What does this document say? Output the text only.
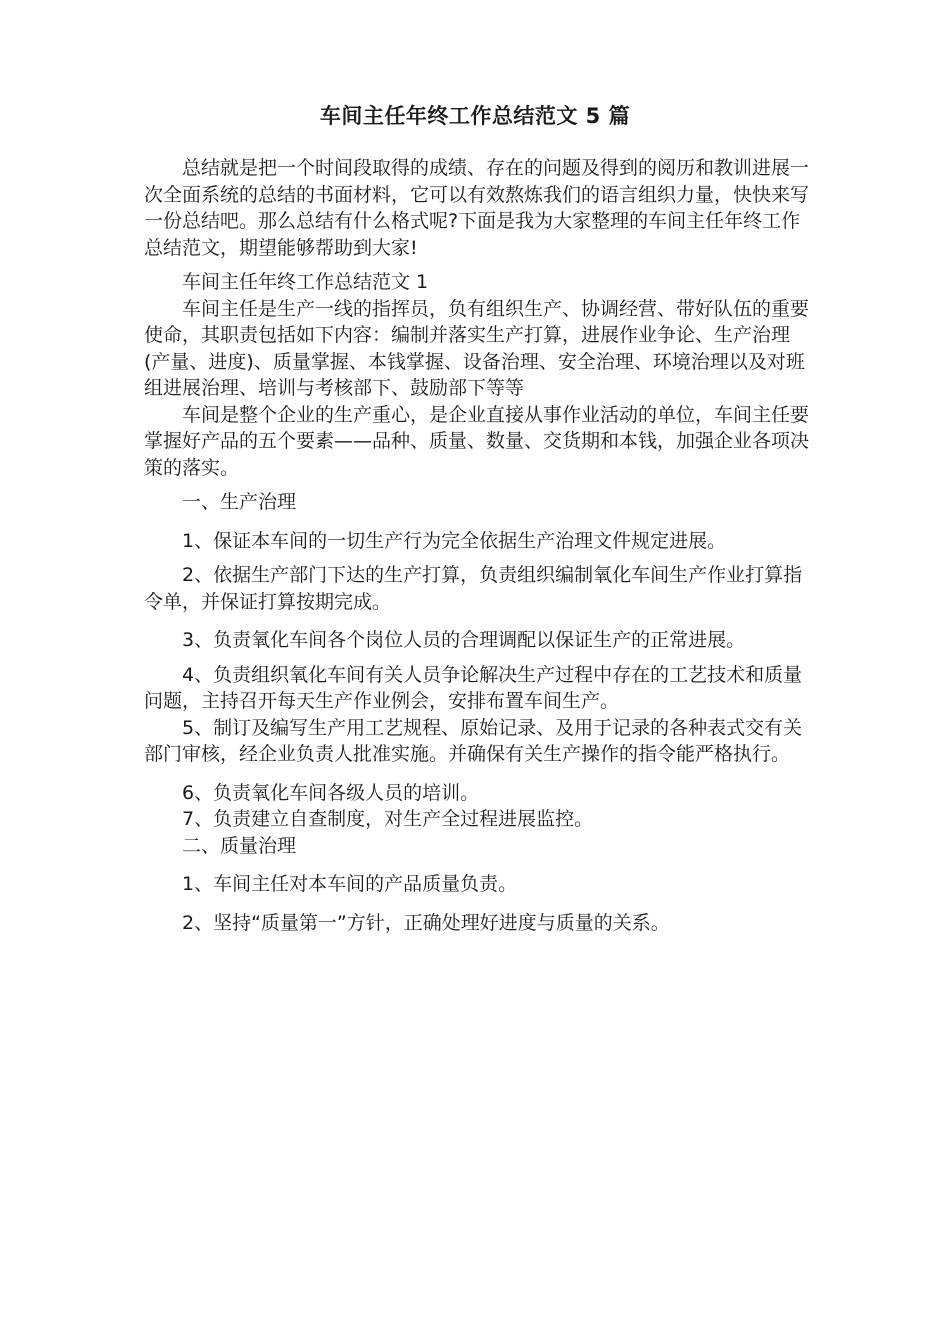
车间主任年终工作总结范文 5 篇

总结就是把一个时间段取得的成绩、存在的问题及得到的阅历和教训进展一次全面系统的总结的书面材料，它可以有效熬炼我们的语言组织力量，快快来写一份总结吧。那么总结有什么格式呢?下面是我为大家整理的车间主任年终工作总结范文，期望能够帮助到大家!

车间主任年终工作总结范文 1

车间主任是生产一线的指挥员，负有组织生产、协调经营、带好队伍的重要使命，其职责包括如下内容：编制并落实生产打算，进展作业争论、生产治理(产量、进度)、质量掌握、本钱掌握、设备治理、安全治理、环境治理以及对班组进展治理、培训与考核部下、鼓励部下等等

车间是整个企业的生产重心，是企业直接从事作业活动的单位，车间主任要掌握好产品的五个要素——品种、质量、数量、交货期和本钱，加强企业各项决策的落实。

一、生产治理

1、保证本车间的一切生产行为完全依据生产治理文件规定进展。

2、依据生产部门下达的生产打算，负责组织编制氧化车间生产作业打算指令单，并保证打算按期完成。

3、负责氧化车间各个岗位人员的合理调配以保证生产的正常进展。

4、负责组织氧化车间有关人员争论解决生产过程中存在的工艺技术和质量问题，主持召开每天生产作业例会，安排布置车间生产。

5、制订及编写生产用工艺规程、原始记录、及用于记录的各种表式交有关部门审核，经企业负责人批准实施。并确保有关生产操作的指令能严格执行。

6、负责氧化车间各级人员的培训。

7、负责建立自查制度，对生产全过程进展监控。

二、质量治理

1、车间主任对本车间的产品质量负责。

2、坚持“质量第一”方针，正确处理好进度与质量的关系。
